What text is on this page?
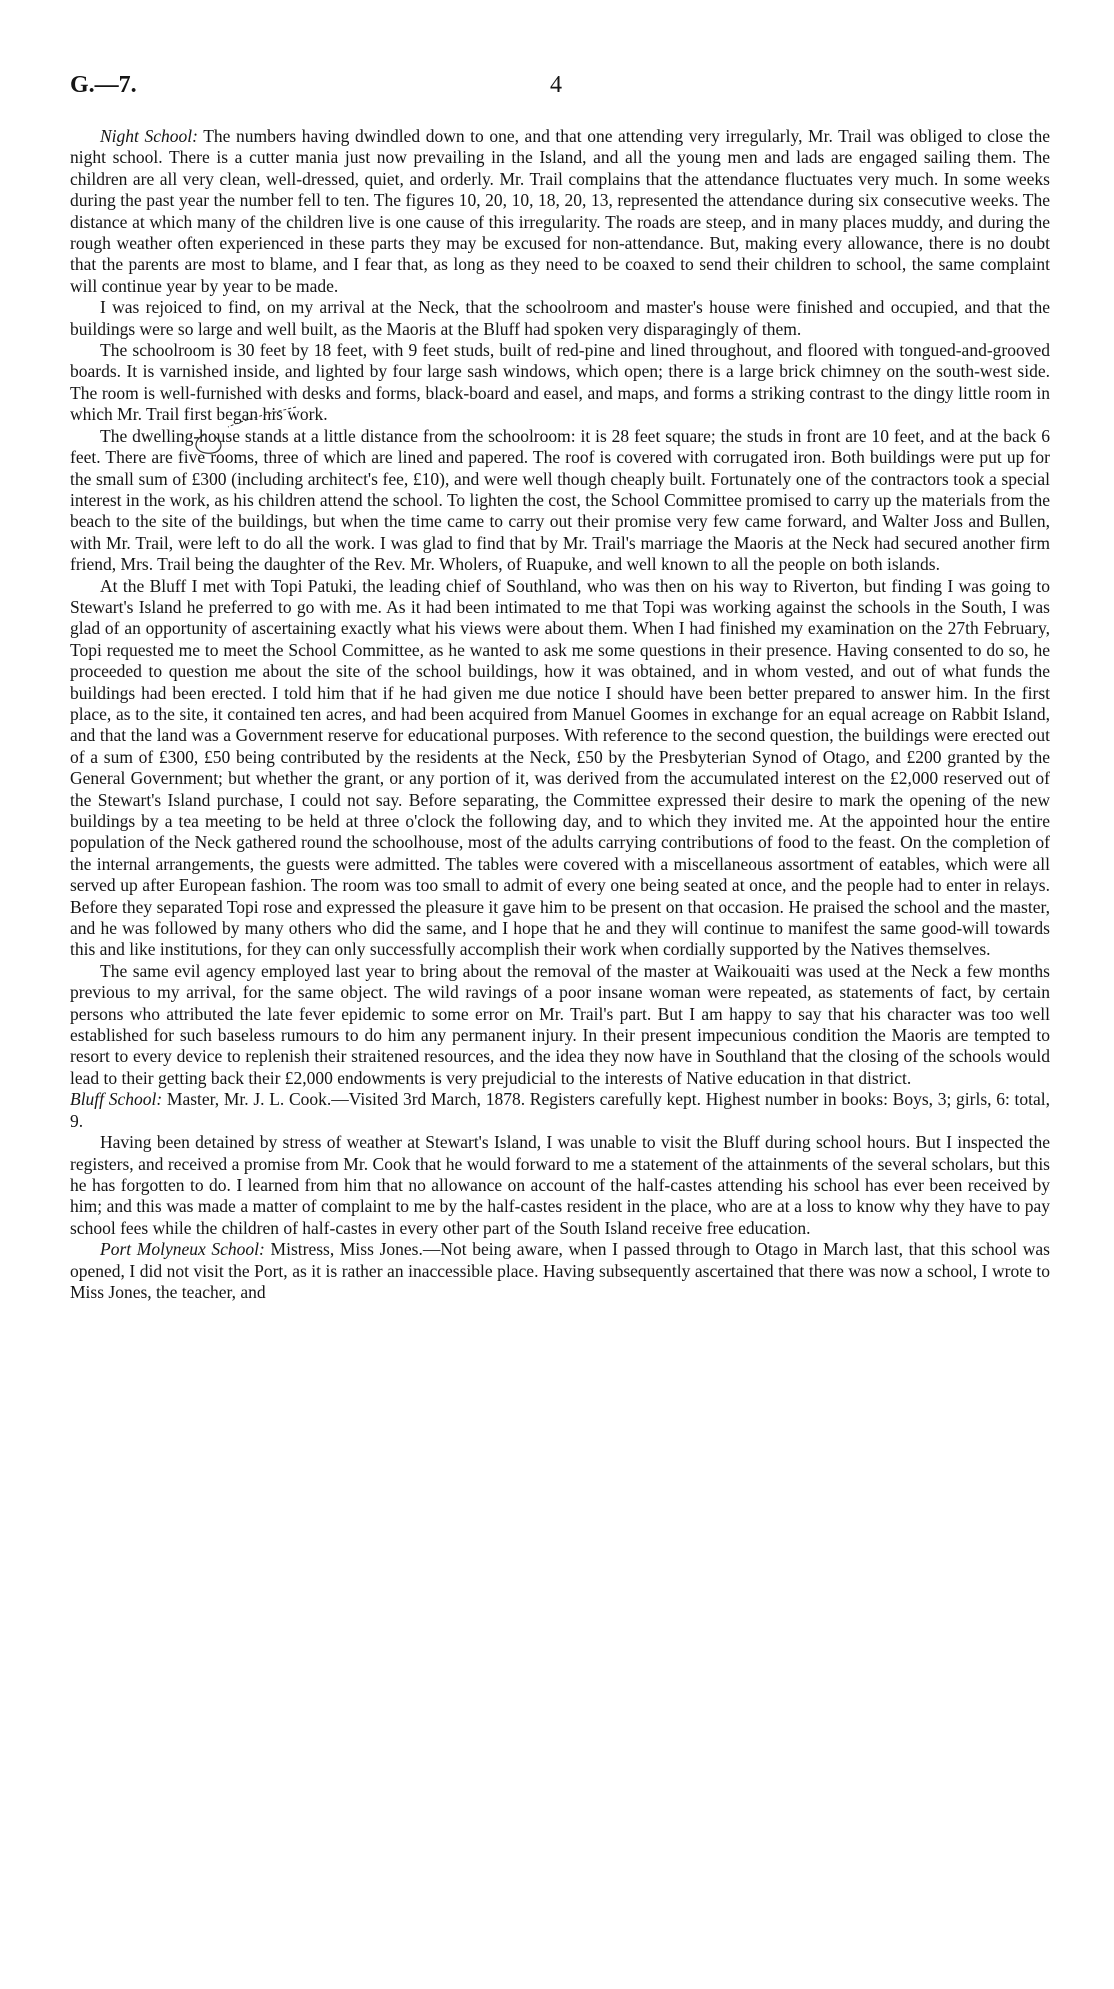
G.—7.	4

Night School: The numbers having dwindled down to one, and that one attending very irregularly, Mr. Trail was obliged to close the night school. There is a cutter mania just now prevailing in the Island, and all the young men and lads are engaged sailing them. The children are all very clean, well-dressed, quiet, and orderly. Mr. Trail complains that the attendance fluctuates very much. In some weeks during the past year the number fell to ten. The figures 10, 20, 10, 18, 20, 13, represented the attendance during six consecutive weeks. The distance at which many of the children live is one cause of this irregularity. The roads are steep, and in many places muddy, and during the rough weather often experienced in these parts they may be excused for non-attendance. But, making every allowance, there is no doubt that the parents are most to blame, and I fear that, as long as they need to be coaxed to send their children to school, the same complaint will continue year by year to be made.

I was rejoiced to find, on my arrival at the Neck, that the schoolroom and master's house were finished and occupied, and that the buildings were so large and well built, as the Maoris at the Bluff had spoken very disparagingly of them.

The schoolroom is 30 feet by 18 feet, with 9 feet studs, built of red-pine and lined throughout, and floored with tongued-and-grooved boards. It is varnished inside, and lighted by four large sash windows, which open; there is a large brick chimney on the south-west side. The room is well-furnished with desks and forms, black-board and easel, and maps, and forms a striking contrast to the dingy little room in which Mr. Trail first began his work.

The dwelling-house stands at a little distance from the schoolroom: it is 28 feet square; the studs in front are 10 feet, and at the back 6 feet. There are five rooms, three of which are lined and papered. The roof is covered with corrugated iron. Both buildings were put up for the small sum of £300 (including architect's fee, £10), and were well though cheaply built. Fortunately one of the contractors took a special interest in the work, as his children attend the school. To lighten the cost, the School Committee promised to carry up the materials from the beach to the site of the buildings, but when the time came to carry out their promise very few came forward, and Walter Joss and Bullen, with Mr. Trail, were left to do all the work. I was glad to find that by Mr. Trail's marriage the Maoris at the Neck had secured another firm friend, Mrs. Trail being the daughter of the Rev. Mr. Wholers, of Ruapuke, and well known to all the people on both islands.

At the Bluff I met with Topi Patuki, the leading chief of Southland, who was then on his way to Riverton, but finding I was going to Stewart's Island he preferred to go with me. As it had been intimated to me that Topi was working against the schools in the South, I was glad of an opportunity of ascertaining exactly what his views were about them. When I had finished my examination on the 27th February, Topi requested me to meet the School Committee, as he wanted to ask me some questions in their presence. Having consented to do so, he proceeded to question me about the site of the school buildings, how it was obtained, and in whom vested, and out of what funds the buildings had been erected. I told him that if he had given me due notice I should have been better prepared to answer him. In the first place, as to the site, it contained ten acres, and had been acquired from Manuel Goomes in exchange for an equal acreage on Rabbit Island, and that the land was a Government reserve for educational purposes. With reference to the second question, the buildings were erected out of a sum of £300, £50 being contributed by the residents at the Neck, £50 by the Presbyterian Synod of Otago, and £200 granted by the General Government; but whether the grant, or any portion of it, was derived from the accumulated interest on the £2,000 reserved out of the Stewart's Island purchase, I could not say. Before separating, the Committee expressed their desire to mark the opening of the new buildings by a tea meeting to be held at three o'clock the following day, and to which they invited me. At the appointed hour the entire population of the Neck gathered round the schoolhouse, most of the adults carrying contributions of food to the feast. On the completion of the internal arrangements, the guests were admitted. The tables were covered with a miscellaneous assortment of eatables, which were all served up after European fashion. The room was too small to admit of every one being seated at once, and the people had to enter in relays. Before they separated Topi rose and expressed the pleasure it gave him to be present on that occasion. He praised the school and the master, and he was followed by many others who did the same, and I hope that he and they will continue to manifest the same good-will towards this and like institutions, for they can only successfully accomplish their work when cordially supported by the Natives themselves.

The same evil agency employed last year to bring about the removal of the master at Waikouaiti was used at the Neck a few months previous to my arrival, for the same object. The wild ravings of a poor insane woman were repeated, as statements of fact, by certain persons who attributed the late fever epidemic to some error on Mr. Trail's part. But I am happy to say that his character was too well established for such baseless rumours to do him any permanent injury. In their present impecunious condition the Maoris are tempted to resort to every device to replenish their straitened resources, and the idea they now have in Southland that the closing of the schools would lead to their getting back their £2,000 endowments is very prejudicial to the interests of Native education in that district.

Bluff School: Master, Mr. J. L. Cook.—Visited 3rd March, 1878. Registers carefully kept. Highest number in books: Boys, 3; girls, 6: total, 9.

Having been detained by stress of weather at Stewart's Island, I was unable to visit the Bluff during school hours. But I inspected the registers, and received a promise from Mr. Cook that he would forward to me a statement of the attainments of the several scholars, but this he has forgotten to do. I learned from him that no allowance on account of the half-castes attending his school has ever been received by him; and this was made a matter of complaint to me by the half-castes resident in the place, who are at a loss to know why they have to pay school fees while the children of half-castes in every other part of the South Island receive free education.

Port Molyneux School: Mistress, Miss Jones.—Not being aware, when I passed through to Otago in March last, that this school was opened, I did not visit the Port, as it is rather an inaccessible place. Having subsequently ascertained that there was now a school, I wrote to Miss Jones, the teacher, and
